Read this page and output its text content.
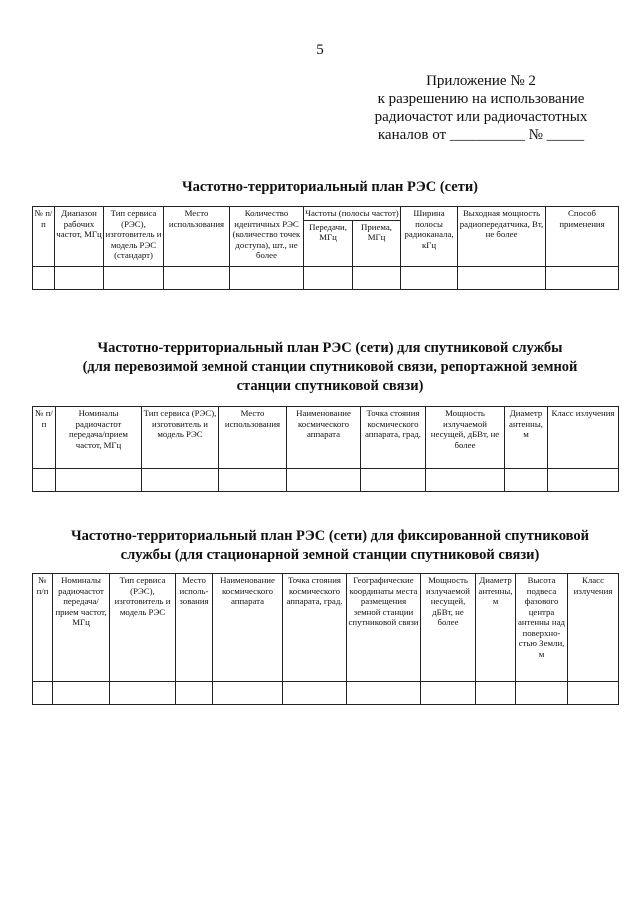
5
Приложение № 2
к разрешению на использование
радиочастот или радиочастотных
каналов от __________ № _____
Частотно-территориальный план РЭС (сети)
№ п/п	Диапазон рабочих частот, МГц	Тип сервиса (РЭС), изготовитель и модель РЭС (стандарт)	Место использования	Количество идентичных РЭС (количество точек доступа), шт., не более	Частоты (полосы частот)		Ширина полосы радиоканала, кГц	Выходная мощность радиопередатчика, Вт, не более	Способ применения
					Передачи, МГц	Приема, МГц			

Частотно-территориальный план РЭС (сети) для спутниковой службы
(для перевозимой земной станции спутниковой связи, репортажной земной
станции спутниковой связи)
№ п/п	Номиналы радиочастот передача/прием частот, МГц	Тип сервиса (РЭС), изготовитель и модель РЭС	Место использования	Наименование космического аппарата	Точка стояния космического аппарата, град.	Мощность излучаемой несущей, дБВт, не более	Диаметр антенны, м	Класс излучения

Частотно-территориальный план РЭС (сети) для фиксированной спутниковой
службы (для стационарной земной станции спутниковой связи)
№ п/п	Номиналы радиочастот передача/ прием частот, МГц	Тип сервиса (РЭС), изготовитель и модель РЭС	Место исполь- зования	Наименование космического аппарата	Точка стояния космического аппарата, град.	Географические координаты места размещения земной станции спутниковой связи	Мощность излучаемой несущей, дБВт, не более	Диаметр антенны, м	Высота подвеса фазового центра антенны над поверхно- стью Земли, м	Класс излучения
